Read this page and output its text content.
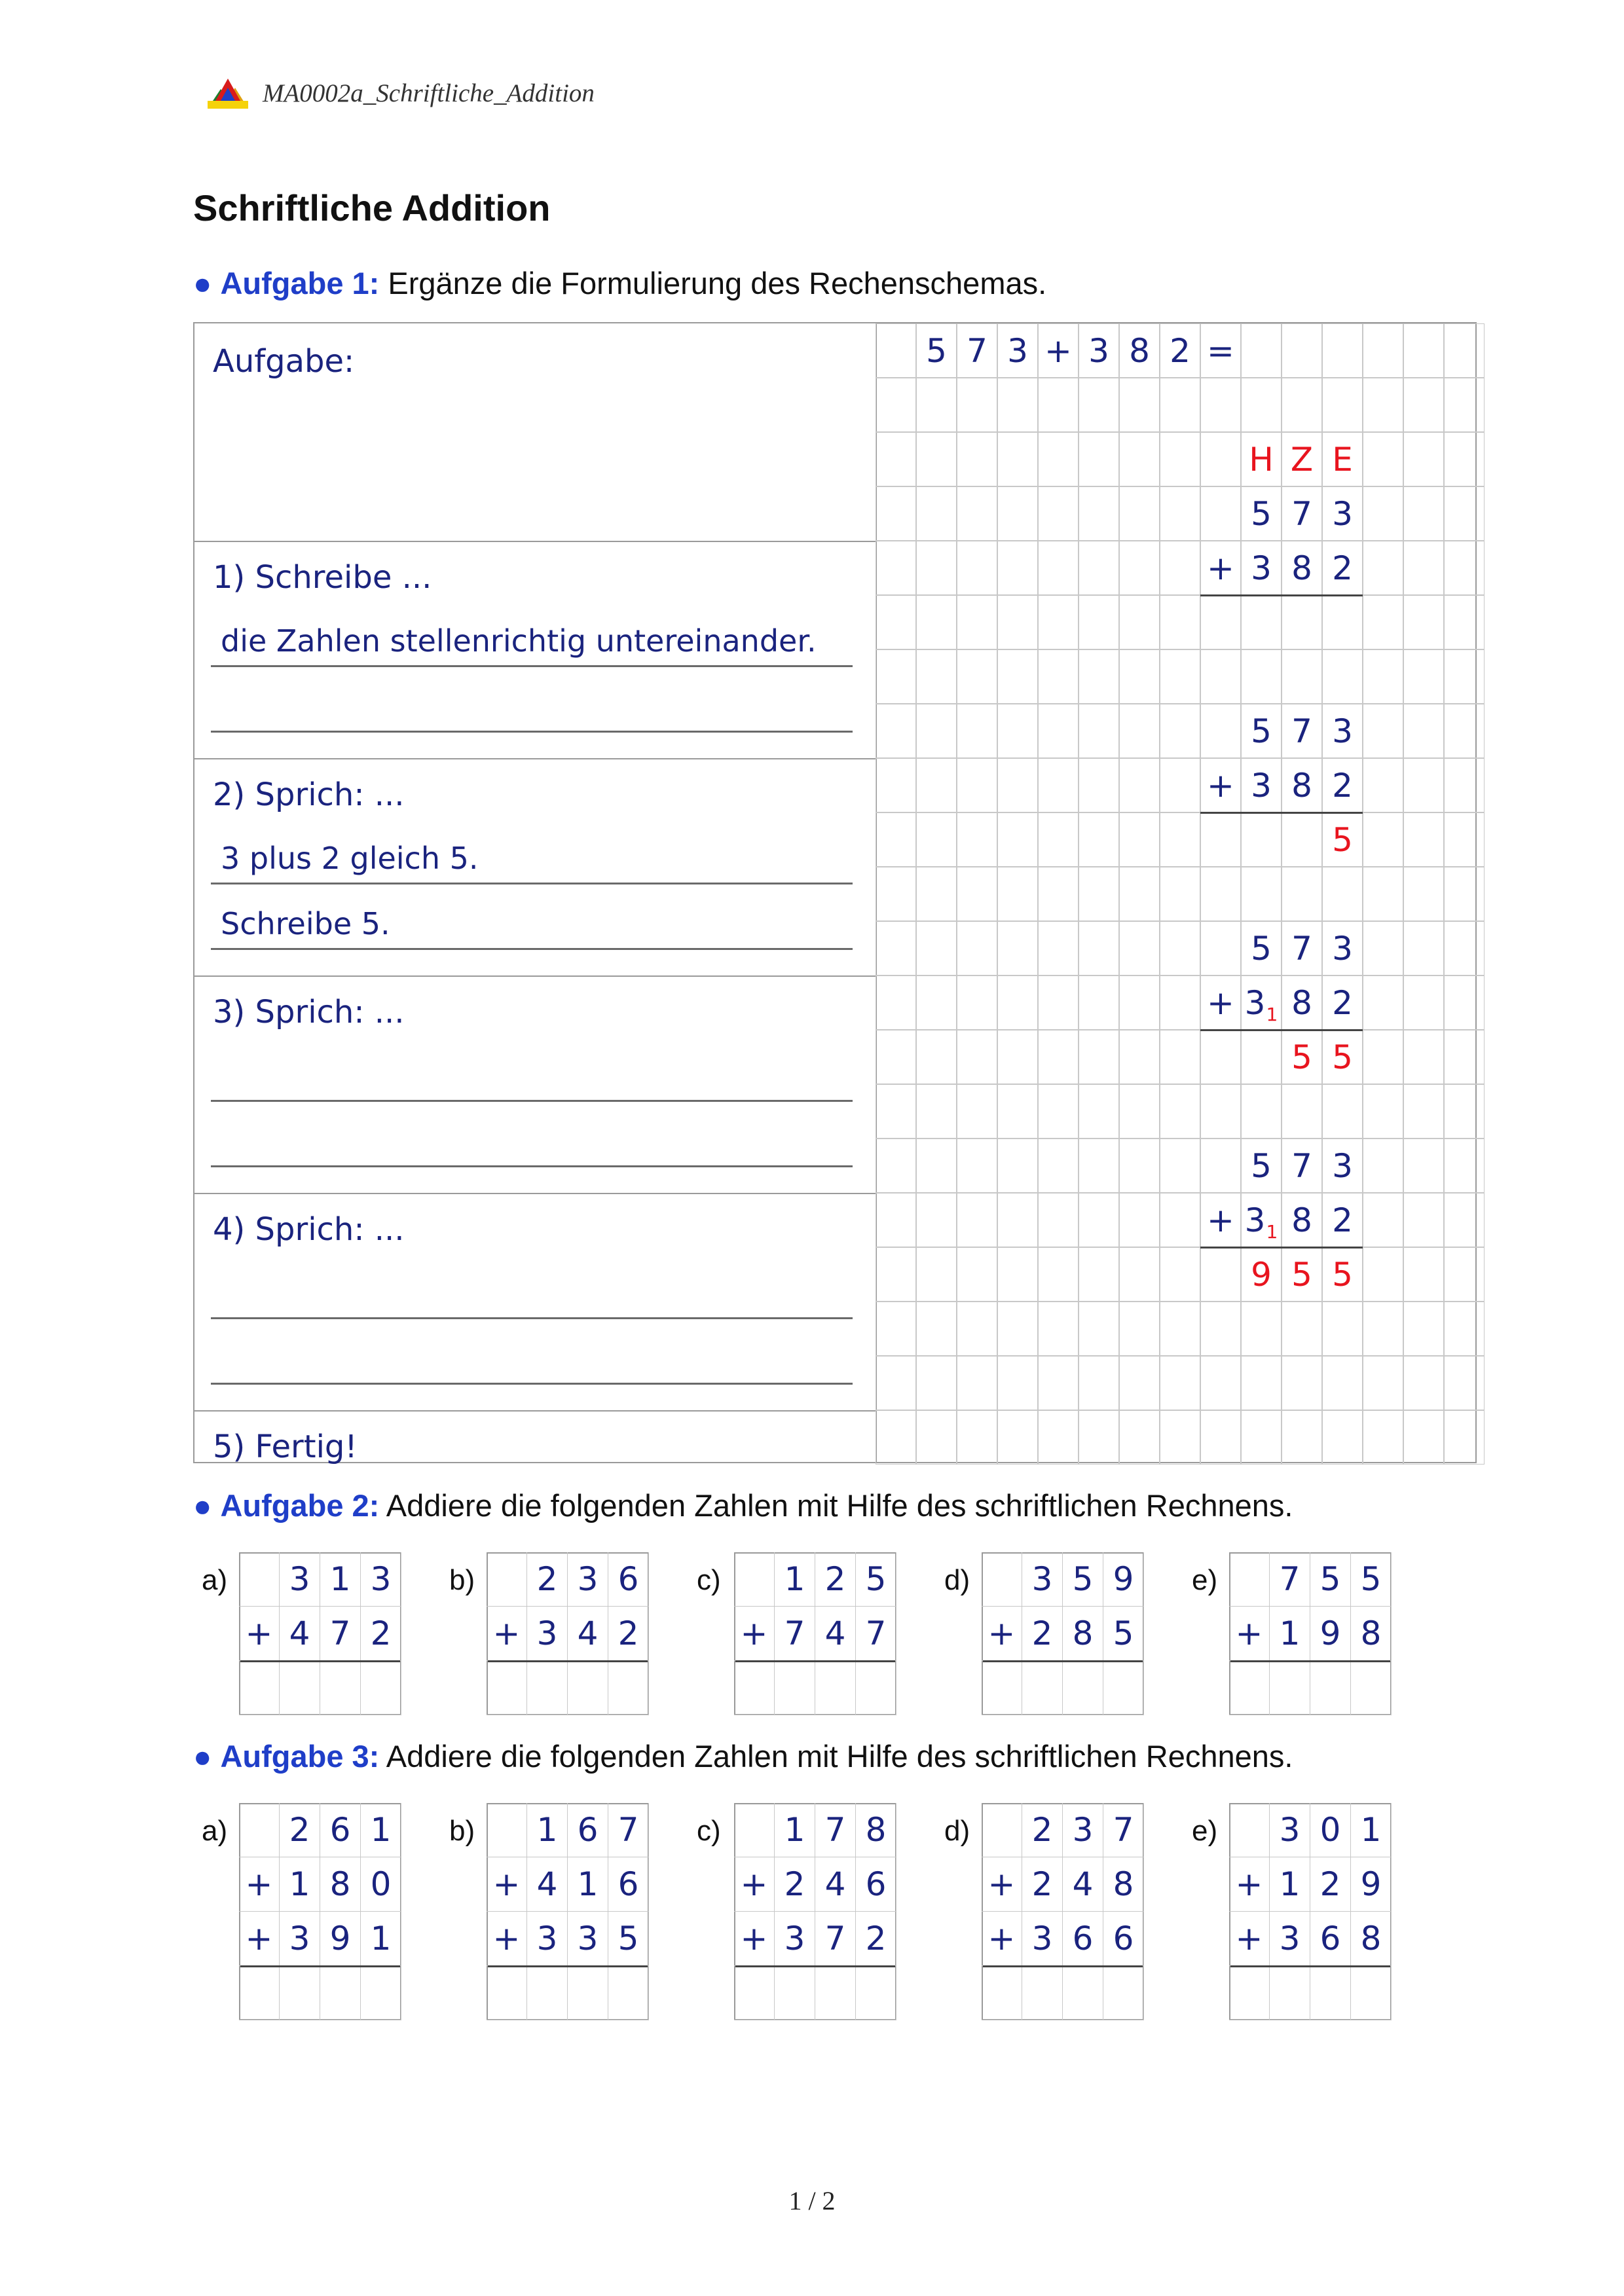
MA0002a_Schriftliche_Addition
Schriftliche Addition
● Aufgabe 1: Ergänze die Formulierung des Rechenschemas.
Aufgabe:
1) Schreibe ...
die Zahlen stellenrichtig untereinander.
2) Sprich: ...
3 plus 2 gleich 5.
Schreibe 5.
3) Sprich: ...
4) Sprich: ...
5) Fertig!
5 7 3 + 3 8 2 =
H Z E
5 7 3
+ 3 8 2
5 7 3
+ 3 8 2
5
5 7 3
+ 3 1 8 2
5 5
5 7 3
+ 3 1 8 2
9 5 5
● Aufgabe 2: Addiere die folgenden Zahlen mit Hilfe des schriftlichen Rechnens.
a) 3 1 3
+ 4 7 2
b) 2 3 6
+ 3 4 2
c) 1 2 5
+ 7 4 7
d) 3 5 9
+ 2 8 5
e) 7 5 5
+ 1 9 8
● Aufgabe 3: Addiere die folgenden Zahlen mit Hilfe des schriftlichen Rechnens.
a) 2 6 1
+ 1 8 0
+ 3 9 1
b) 1 6 7
+ 4 1 6
+ 3 3 5
c) 1 7 8
+ 2 4 6
+ 3 7 2
d) 2 3 7
+ 2 4 8
+ 3 6 6
e) 3 0 1
+ 1 2 9
+ 3 6 8
1 / 2
